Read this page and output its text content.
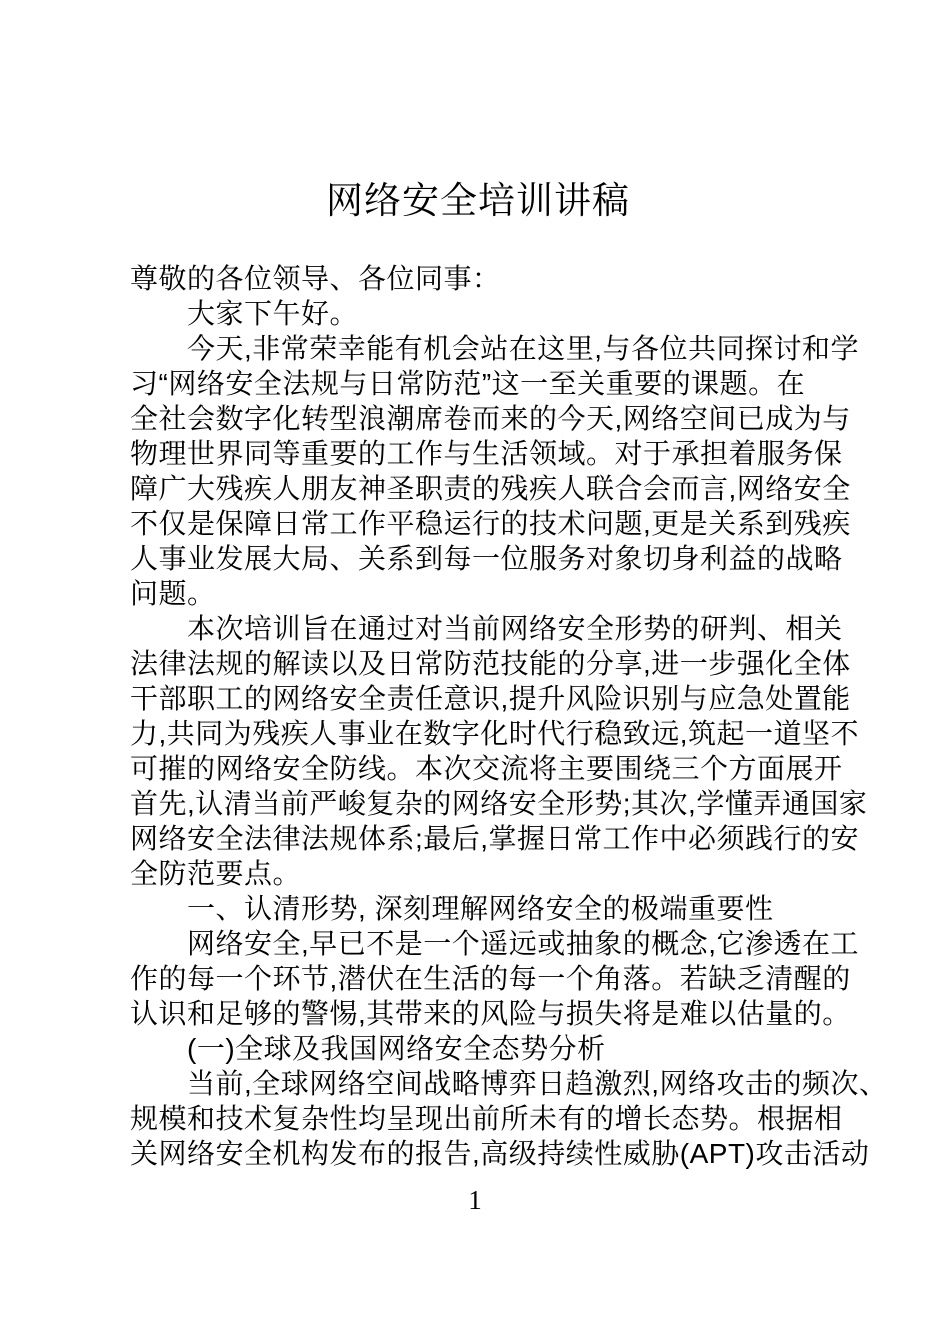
网络安全培训讲稿
尊敬的各位领导、各位同事：
　　大家下午好。
　　今天,非常荣幸能有机会站在这里,与各位共同探讨和学
习“网络安全法规与日常防范”这一至关重要的课题。在
全社会数字化转型浪潮席卷而来的今天,网络空间已成为与
物理世界同等重要的工作与生活领域。对于承担着服务保
障广大残疾人朋友神圣职责的残疾人联合会而言,网络安全
不仅是保障日常工作平稳运行的技术问题,更是关系到残疾
人事业发展大局、关系到每一位服务对象切身利益的战略
问题。
　　本次培训旨在通过对当前网络安全形势的研判、相关
法律法规的解读以及日常防范技能的分享,进一步强化全体
干部职工的网络安全责任意识,提升风险识别与应急处置能
力,共同为残疾人事业在数字化时代行稳致远,筑起一道坚不
可摧的网络安全防线。本次交流将主要围绕三个方面展开
首先,认清当前严峻复杂的网络安全形势;其次,学懂弄通国家
网络安全法律法规体系;最后,掌握日常工作中必须践行的安
全防范要点。
　　一、认清形势, 深刻理解网络安全的极端重要性
　　网络安全,早已不是一个遥远或抽象的概念,它渗透在工
作的每一个环节,潜伏在生活的每一个角落。若缺乏清醒的
认识和足够的警惕,其带来的风险与损失将是难以估量的。
　　(一)全球及我国网络安全态势分析
　　当前,全球网络空间战略博弈日趋激烈,网络攻击的频次、
规模和技术复杂性均呈现出前所未有的增长态势。根据相
关网络安全机构发布的报告,高级持续性威胁(APT)攻击活动
1
